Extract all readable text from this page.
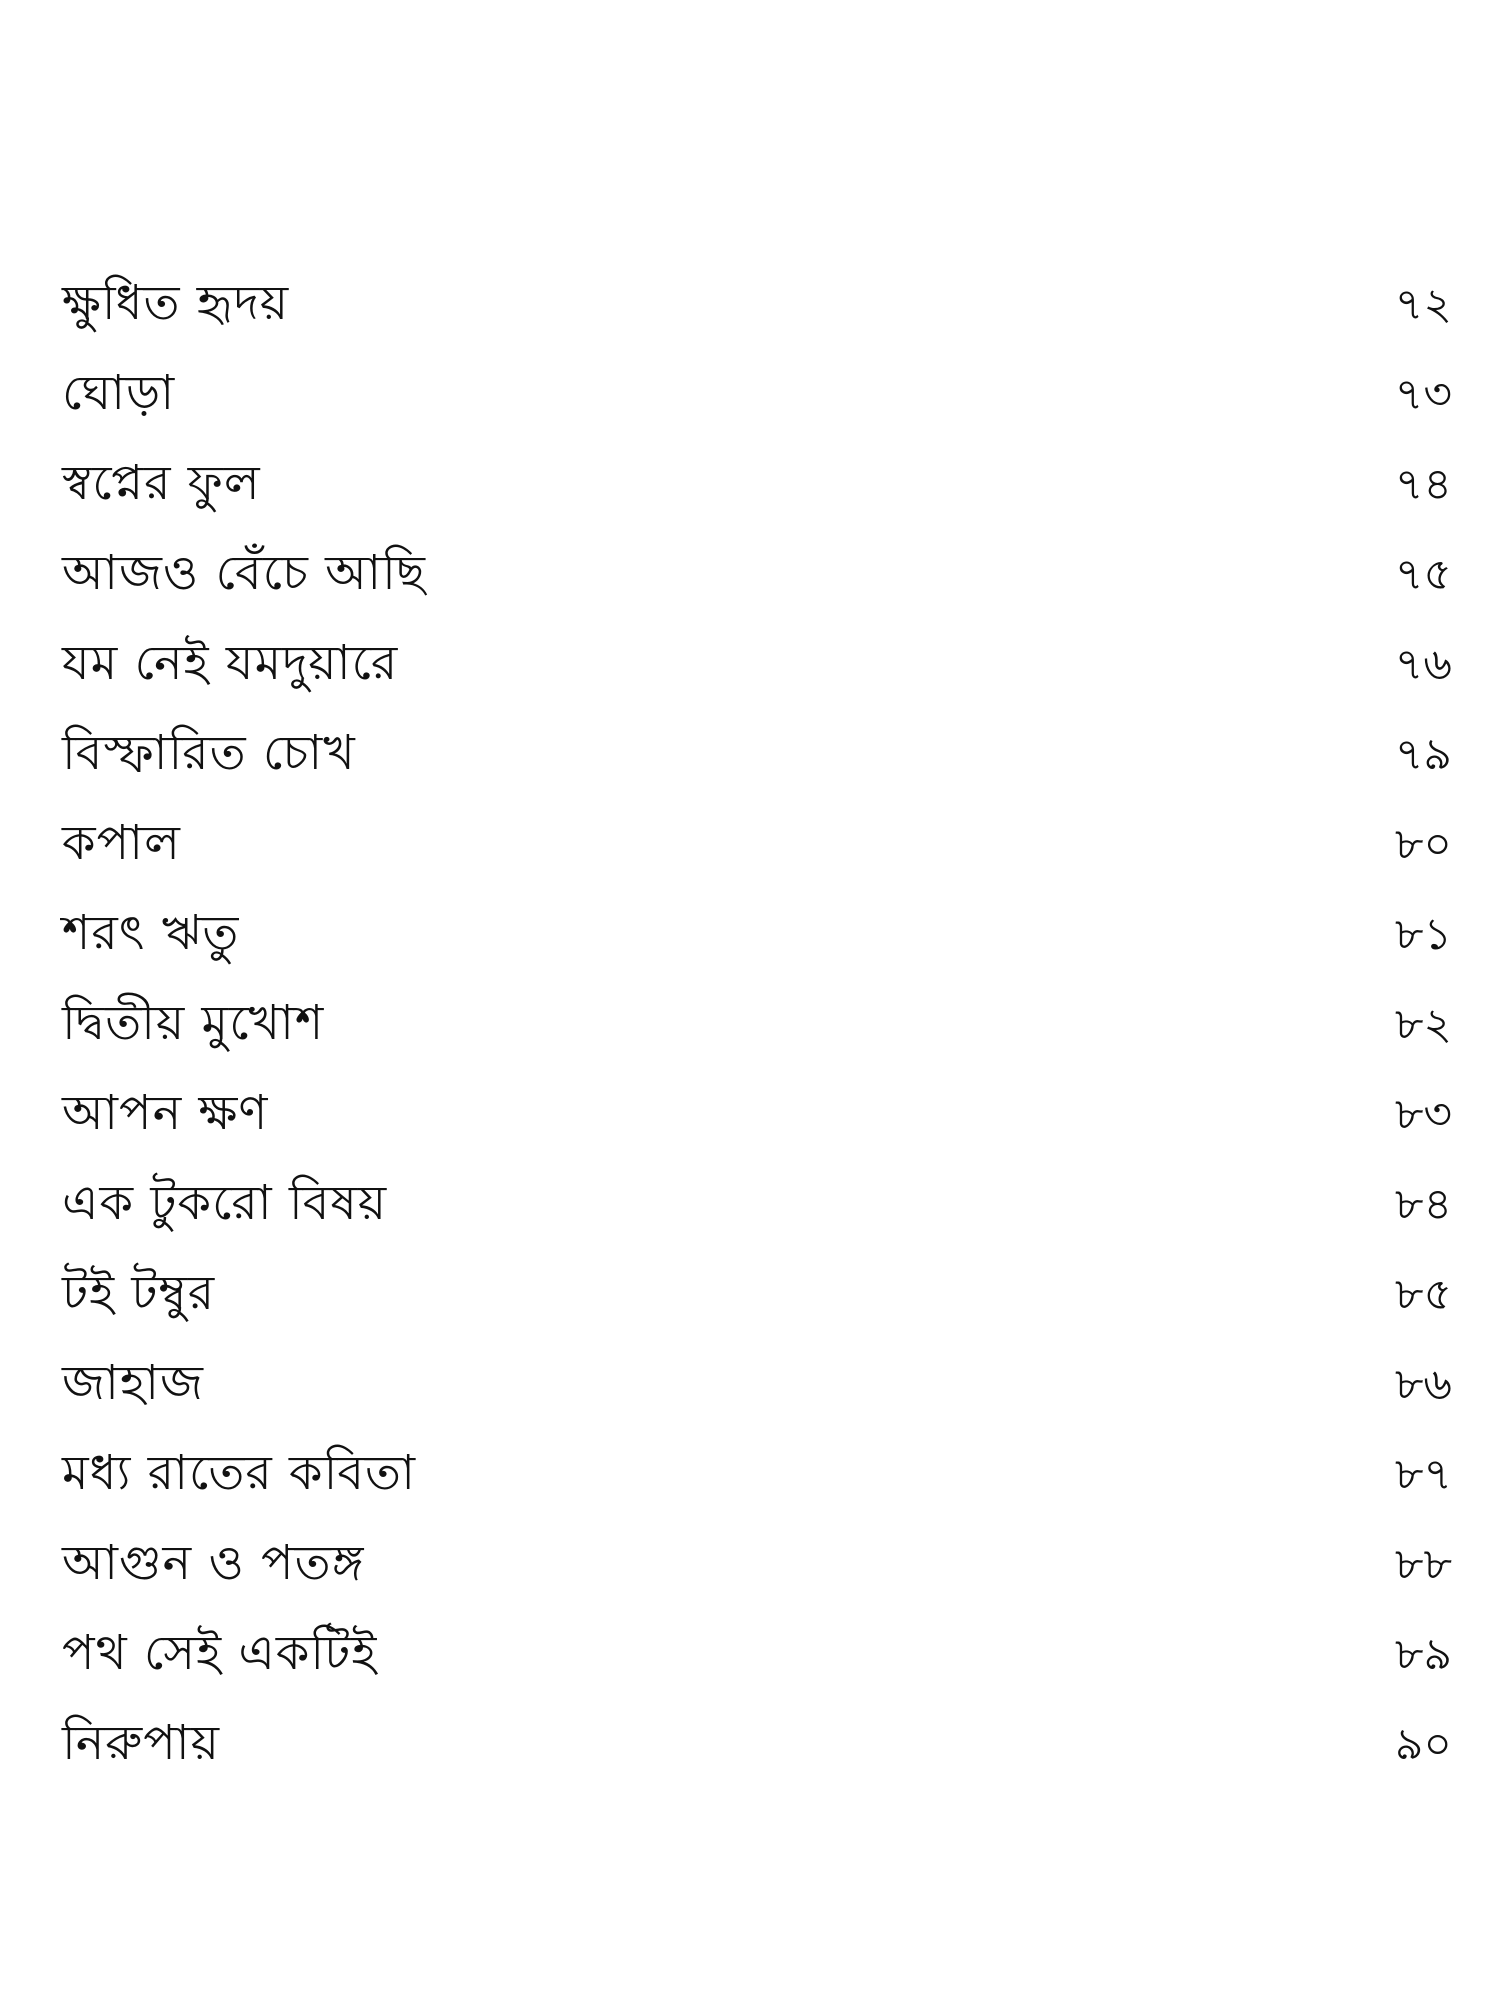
ক্ষুধিত হৃদয়	৭২
ঘোড়া	৭৩
স্বপ্নের ফুল	৭৪
আজও বেঁচে আছি	৭৫
যম নেই যমদুয়ারে	৭৬
বিস্ফারিত চোখ	৭৯
কপাল	৮০
শরৎ ঋতু	৮১
দ্বিতীয় মুখোশ	৮২
আপন ক্ষণ	৮৩
এক টুকরো বিষয়	৮৪
টই টম্বুর	৮৫
জাহাজ	৮৬
মধ্য রাতের কবিতা	৮৭
আগুন ও পতঙ্গ	৮৮
পথ সেই একটিই	৮৯
নিরুপায়	৯০
